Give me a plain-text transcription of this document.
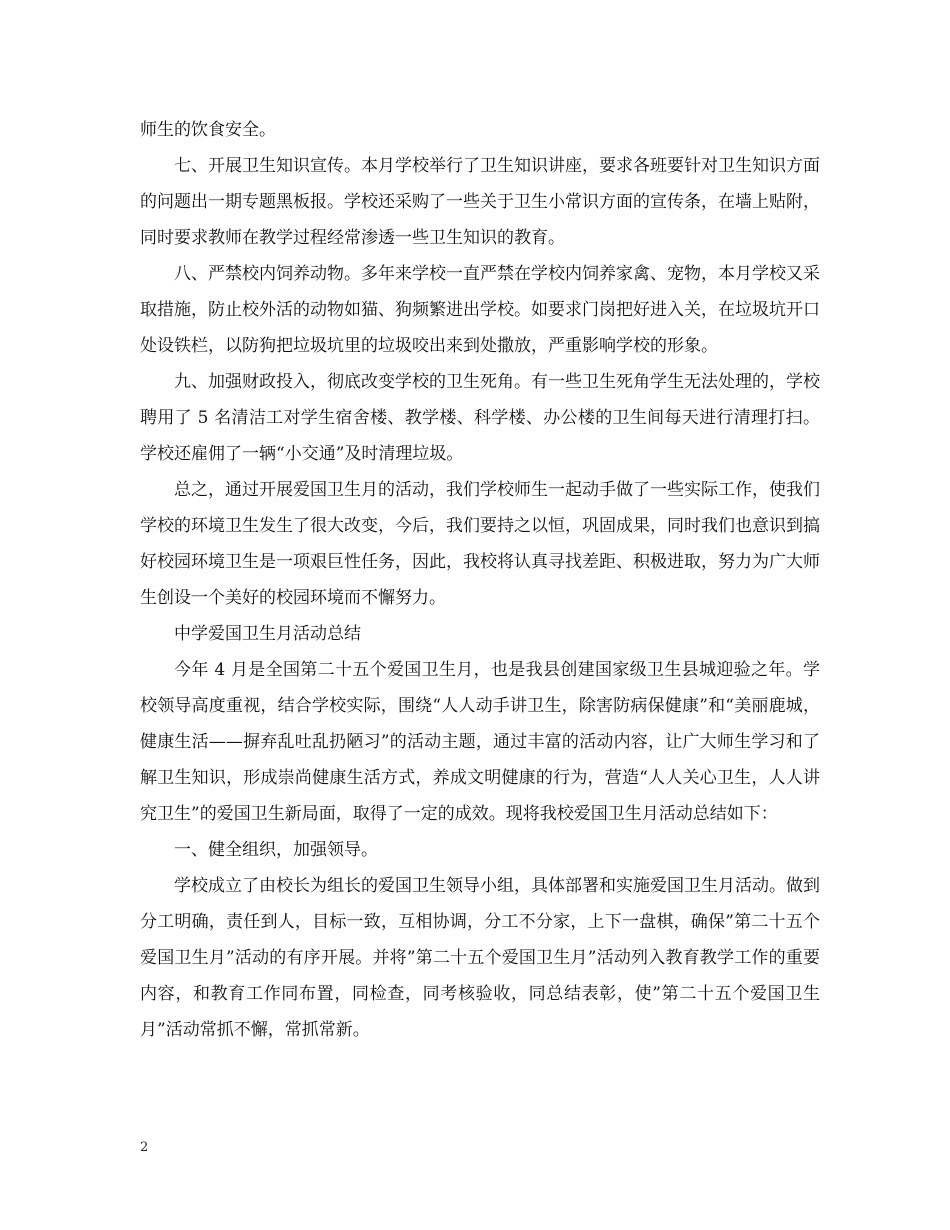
师生的饮食安全。

七、开展卫生知识宣传。本月学校举行了卫生知识讲座，要求各班要针对卫生知识方面的问题出一期专题黑板报。学校还采购了一些关于卫生小常识方面的宣传条，在墙上贴附，同时要求教师在教学过程经常渗透一些卫生知识的教育。

八、严禁校内饲养动物。多年来学校一直严禁在学校内饲养家禽、宠物，本月学校又采取措施，防止校外活的动物如猫、狗频繁进出学校。如要求门岗把好进入关，在垃圾坑开口处设铁栏，以防狗把垃圾坑里的垃圾咬出来到处撒放，严重影响学校的形象。

九、加强财政投入，彻底改变学校的卫生死角。有一些卫生死角学生无法处理的，学校聘用了 5 名清洁工对学生宿舍楼、教学楼、科学楼、办公楼的卫生间每天进行清理打扫。学校还雇佣了一辆“小交通”及时清理垃圾。

总之，通过开展爱国卫生月的活动，我们学校师生一起动手做了一些实际工作，使我们学校的环境卫生发生了很大改变，今后，我们要持之以恒，巩固成果，同时我们也意识到搞好校园环境卫生是一项艰巨性任务，因此，我校将认真寻找差距、积极进取，努力为广大师生创设一个美好的校园环境而不懈努力。

中学爱国卫生月活动总结

今年 4 月是全国第二十五个爱国卫生月，也是我县创建国家级卫生县城迎验之年。学校领导高度重视，结合学校实际，围绕“人人动手讲卫生，除害防病保健康”和“美丽鹿城，健康生活——摒弃乱吐乱扔陋习”的活动主题，通过丰富的活动内容，让广大师生学习和了解卫生知识，形成崇尚健康生活方式，养成文明健康的行为，营造“人人关心卫生，人人讲究卫生”的爱国卫生新局面，取得了一定的成效。现将我校爱国卫生月活动总结如下：

一、健全组织，加强领导。

学校成立了由校长为组长的爱国卫生领导小组，具体部署和实施爱国卫生月活动。做到分工明确，责任到人，目标一致，互相协调，分工不分家，上下一盘棋，确保”第二十五个爱国卫生月”活动的有序开展。并将”第二十五个爱国卫生月”活动列入教育教学工作的重要内容，和教育工作同布置，同检查，同考核验收，同总结表彰，使”第二十五个爱国卫生月”活动常抓不懈，常抓常新。

2
